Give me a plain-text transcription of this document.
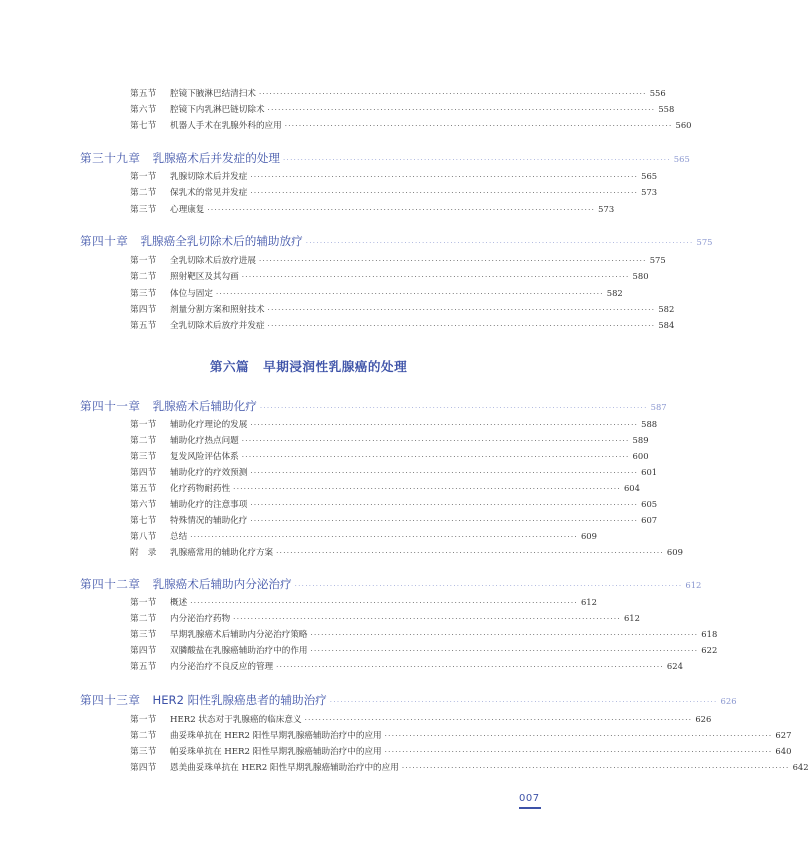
第五节	腔镜下腋淋巴结清扫术 ·············································································································· 556
第六节	腔镜下内乳淋巴链切除术 ·············································································································· 558
第七节	机器人手术在乳腺外科的应用 ·············································································································· 560
第三十九章 乳腺癌术后并发症的处理 ·············································································································· 565
第一节	乳腺切除术后并发症 ·············································································································· 565
第二节	保乳术的常见并发症 ·············································································································· 573
第三节	心理康复 ·············································································································· 573
第四十章 乳腺癌全乳切除术后的辅助放疗 ·············································································································· 575
第一节	全乳切除术后放疗进展 ·············································································································· 575
第二节	照射靶区及其勾画 ·············································································································· 580
第三节	体位与固定 ·············································································································· 582
第四节	剂量分割方案和照射技术 ·············································································································· 582
第五节	全乳切除术后放疗并发症 ·············································································································· 584
第六篇 早期浸润性乳腺癌的处理
第四十一章 乳腺癌术后辅助化疗 ·············································································································· 587
第一节	辅助化疗理论的发展 ·············································································································· 588
第二节	辅助化疗热点问题 ·············································································································· 589
第三节	复发风险评估体系 ·············································································································· 600
第四节	辅助化疗的疗效预测 ·············································································································· 601
第五节	化疗药物耐药性 ·············································································································· 604
第六节	辅助化疗的注意事项 ·············································································································· 605
第七节	特殊情况的辅助化疗 ·············································································································· 607
第八节	总结 ·············································································································· 609
附　录	乳腺癌常用的辅助化疗方案 ·············································································································· 609
第四十二章 乳腺癌术后辅助内分泌治疗 ·············································································································· 612
第一节	概述 ·············································································································· 612
第二节	内分泌治疗药物 ·············································································································· 612
第三节	早期乳腺癌术后辅助内分泌治疗策略 ·············································································································· 618
第四节	双膦酸盐在乳腺癌辅助治疗中的作用 ·············································································································· 622
第五节	内分泌治疗不良反应的管理 ·············································································································· 624
第四十三章 HER2 阳性乳腺癌患者的辅助治疗 ·············································································································· 626
第一节	HER2 状态对于乳腺癌的临床意义 ·············································································································· 626
第二节	曲妥珠单抗在 HER2 阳性早期乳腺癌辅助治疗中的应用 ·············································································································· 627
第三节	帕妥珠单抗在 HER2 阳性早期乳腺癌辅助治疗中的应用 ·············································································································· 640
第四节	恩美曲妥珠单抗在 HER2 阳性早期乳腺癌辅助治疗中的应用 ·············································································································· 642
007
